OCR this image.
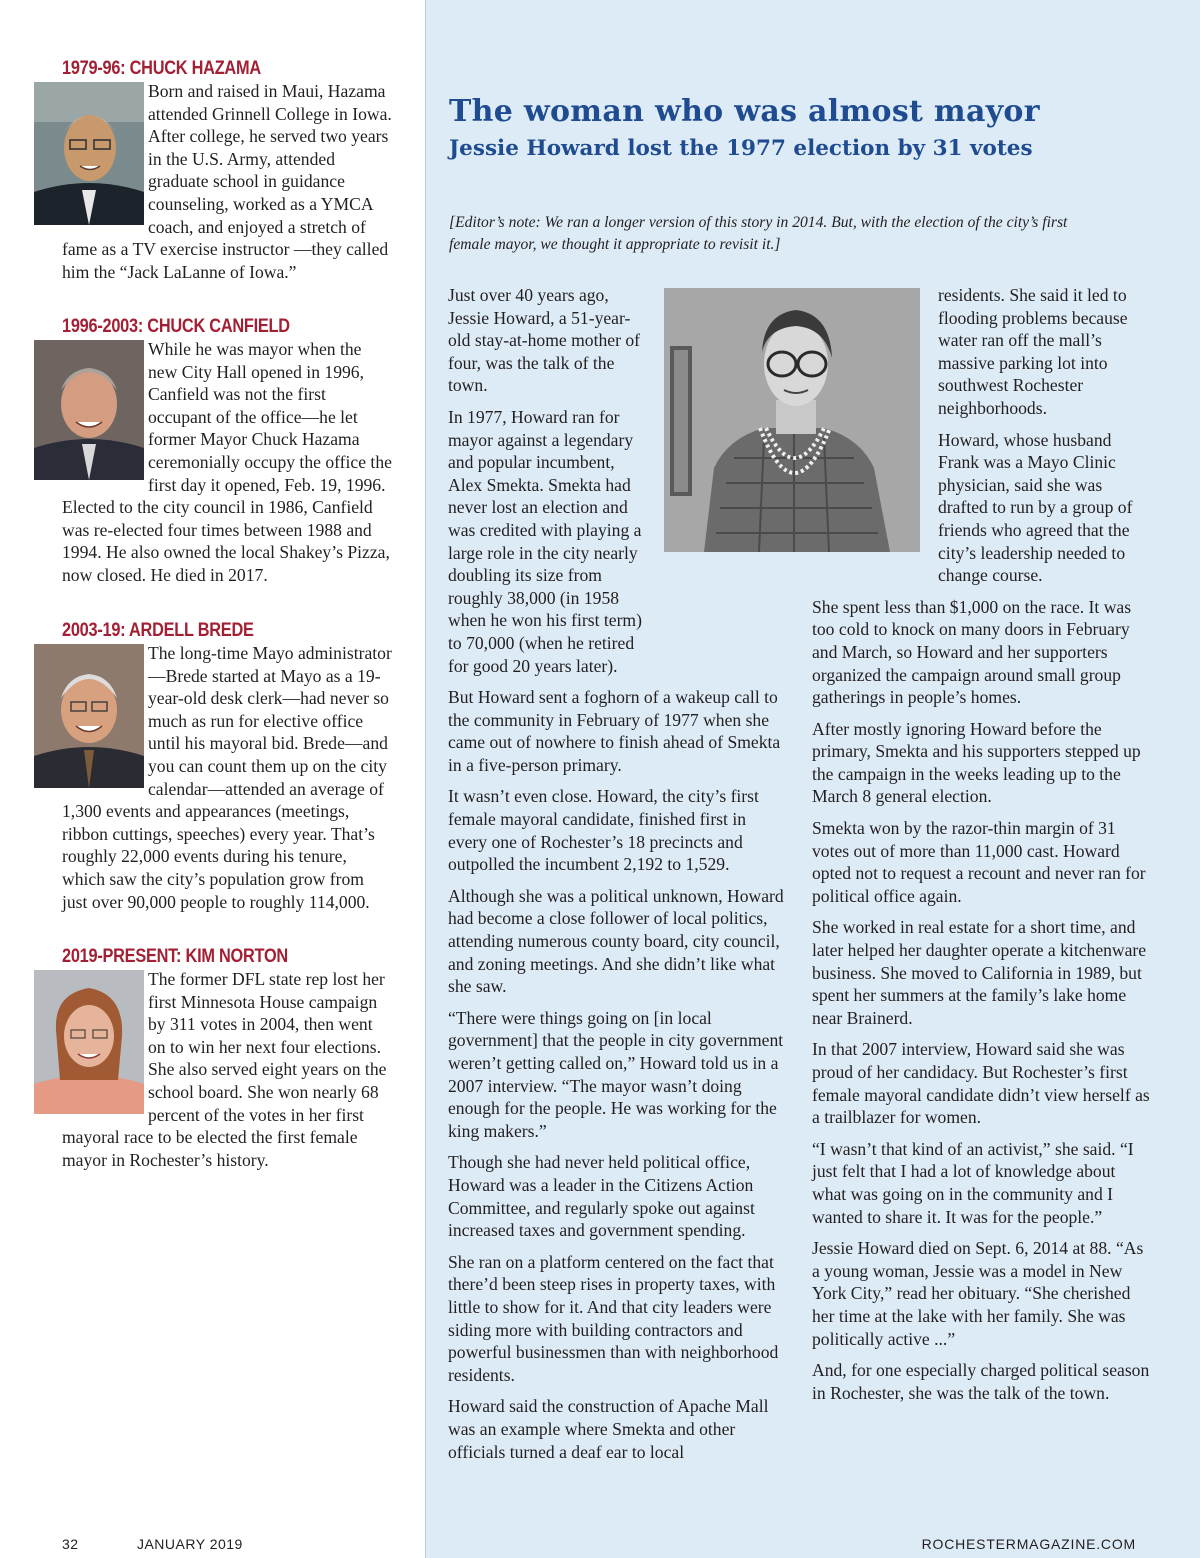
1979-96: CHUCK HAZAMA
Born and raised in Maui, Hazama attended Grinnell College in Iowa. After college, he served two years in the U.S. Army, attended graduate school in guidance counseling, worked as a YMCA coach, and enjoyed a stretch of fame as a TV exercise instructor —they called him the “Jack LaLanne of Iowa.”
1996-2003: CHUCK CANFIELD
While he was mayor when the new City Hall opened in 1996, Canfield was not the first occupant of the office—he let former Mayor Chuck Hazama ceremonially occupy the office the first day it opened, Feb. 19, 1996. Elected to the city council in 1986, Canfield was re-elected four times between 1988 and 1994. He also owned the local Shakey’s Pizza, now closed. He died in 2017.
2003-19: ARDELL BREDE
The long-time Mayo administrator—Brede started at Mayo as a 19-year-old desk clerk—had never so much as run for elective office until his mayoral bid. Brede—and you can count them up on the city calendar—attended an average of 1,300 events and appearances (meetings, ribbon cuttings, speeches) every year. That’s roughly 22,000 events during his tenure, which saw the city’s population grow from just over 90,000 people to roughly 114,000.
2019-PRESENT: KIM NORTON
The former DFL state rep lost her first Minnesota House campaign by 311 votes in 2004, then went on to win her next four elections. She also served eight years on the school board. She won nearly 68 percent of the votes in her first mayoral race to be elected the first female mayor in Rochester’s history.
32	JANUARY 2019
The woman who was almost mayor
Jessie Howard lost the 1977 election by 31 votes

[Editor’s note: We ran a longer version of this story in 2014. But, with the election of the city’s first female mayor, we thought it appropriate to revisit it.]

Just over 40 years ago, Jessie Howard, a 51-year-old stay-at-home mother of four, was the talk of the town.

In 1977, Howard ran for mayor against a legendary and popular incumbent, Alex Smekta. Smekta had never lost an election and was credited with playing a large role in the city nearly doubling its size from roughly 38,000 (in 1958 when he won his first term) to 70,000 (when he retired for good 20 years later).

But Howard sent a foghorn of a wakeup call to the community in February of 1977 when she came out of nowhere to finish ahead of Smekta in a five-person primary.

It wasn’t even close. Howard, the city’s first female mayoral candidate, finished first in every one of Rochester’s 18 precincts and outpolled the incumbent 2,192 to 1,529.

Although she was a political unknown, Howard had become a close follower of local politics, attending numerous county board, city council, and zoning meetings. And she didn’t like what she saw.

“There were things going on [in local government] that the people in city government weren’t getting called on,” Howard told us in a 2007 interview. “The mayor wasn’t doing enough for the people. He was working for the king makers.”

Though she had never held political office, Howard was a leader in the Citizens Action Committee, and regularly spoke out against increased taxes and government spending.

She ran on a platform centered on the fact that there’d been steep rises in property taxes, with little to show for it. And that city leaders were siding more with building contractors and powerful businessmen than with neighborhood residents.

Howard said the construction of Apache Mall was an example where Smekta and other officials turned a deaf ear to local

residents. She said it led to flooding problems because water ran off the mall’s massive parking lot into southwest Rochester neighborhoods.

Howard, whose husband Frank was a Mayo Clinic physician, said she was drafted to run by a group of friends who agreed that the city’s leadership needed to change course.

She spent less than $1,000 on the race. It was too cold to knock on many doors in February and March, so Howard and her supporters organized the campaign around small group gatherings in people’s homes.

After mostly ignoring Howard before the primary, Smekta and his supporters stepped up the campaign in the weeks leading up to the March 8 general election.

Smekta won by the razor-thin margin of 31 votes out of more than 11,000 cast. Howard opted not to request a recount and never ran for political office again.

She worked in real estate for a short time, and later helped her daughter operate a kitchenware business. She moved to California in 1989, but spent her summers at the family’s lake home near Brainerd.

In that 2007 interview, Howard said she was proud of her candidacy. But Rochester’s first female mayoral candidate didn’t view herself as a trailblazer for women.

“I wasn’t that kind of an activist,” she said. “I just felt that I had a lot of knowledge about what was going on in the community and I wanted to share it. It was for the people.”

Jessie Howard died on Sept. 6, 2014 at 88. “As a young woman, Jessie was a model in New York City,” read her obituary. “She cherished her time at the lake with her family. She was politically active ...”

And, for one especially charged political season in Rochester, she was the talk of the town.

ROCHESTERMAGAZINE.COM
